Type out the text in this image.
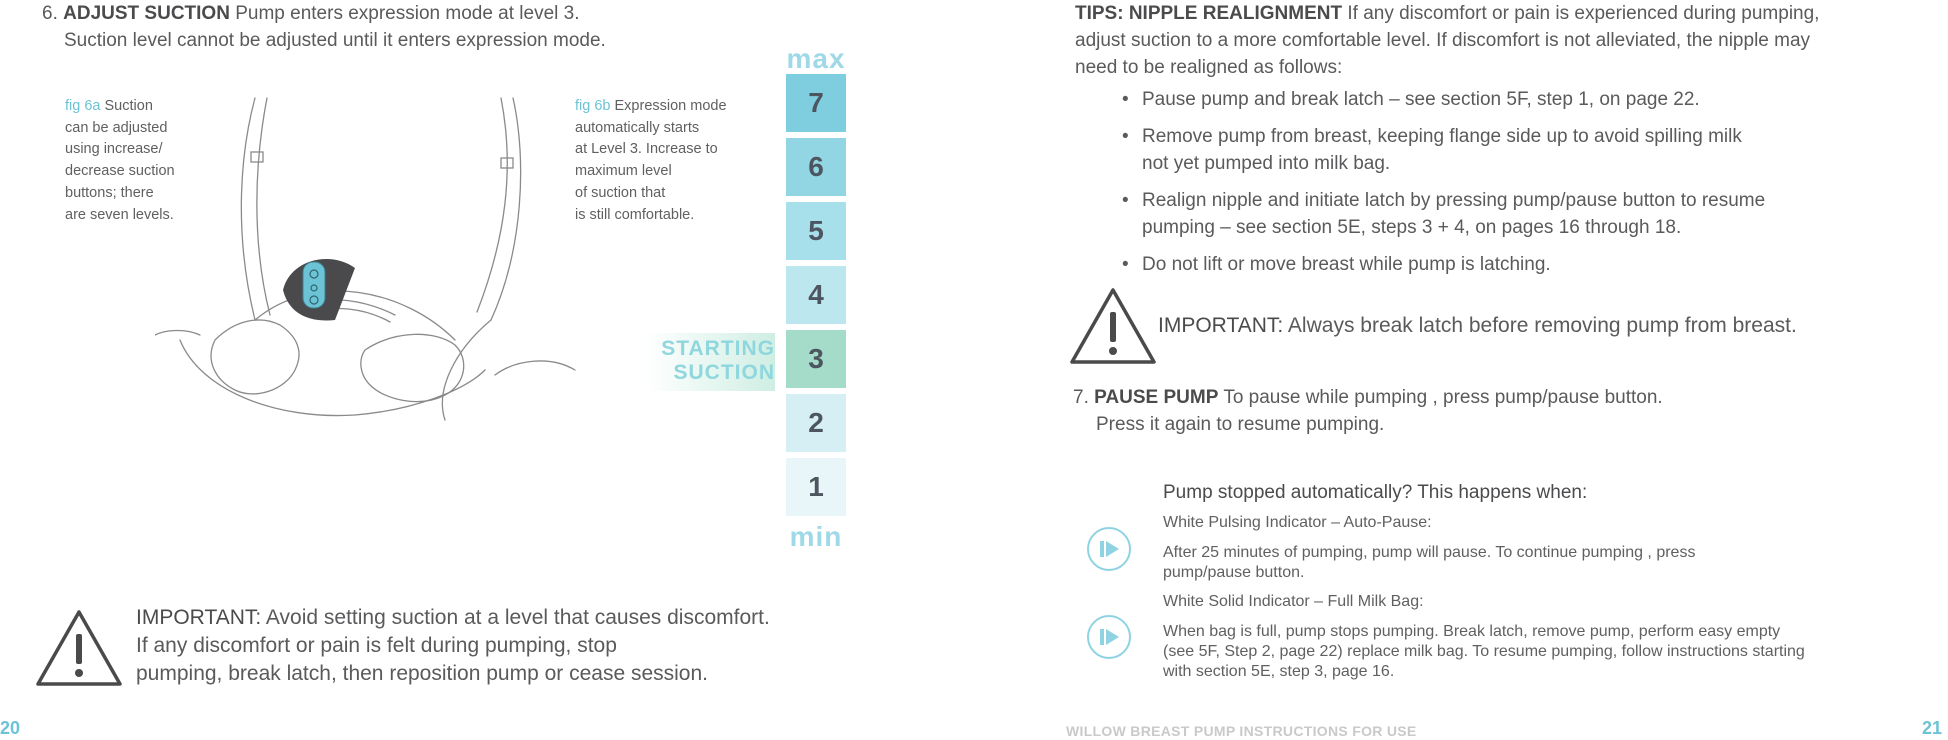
6. ADJUST SUCTION Pump enters expression mode at level 3.
Suction level cannot be adjusted until it enters expression mode.
fig 6a Suction
can be adjusted
using increase/
decrease suction
buttons; there
are seven levels.
fig 6b Expression mode
automatically starts
at Level 3. Increase to
maximum level
of suction that
is still comfortable.
max
7
6
5
4
3
2
1
min
STARTING
SUCTION
IMPORTANT: Avoid setting suction at a level that causes discomfort.
If any discomfort or pain is felt during pumping, stop
pumping, break latch, then reposition pump or cease session.
20
TIPS: NIPPLE REALIGNMENT If any discomfort or pain is experienced during pumping,
adjust suction to a more comfortable level. If discomfort is not alleviated, the nipple may
need to be realigned as follows:
• Pause pump and break latch – see section 5F, step 1, on page 22.
• Remove pump from breast, keeping flange side up to avoid spilling milk
not yet pumped into milk bag.
• Realign nipple and initiate latch by pressing pump/pause button to resume
pumping – see section 5E, steps 3 + 4, on pages 16 through 18.
• Do not lift or move breast while pump is latching.
IMPORTANT: Always break latch before removing pump from breast.
7. PAUSE PUMP To pause while pumping , press pump/pause button.
Press it again to resume pumping.
Pump stopped automatically? This happens when:
White Pulsing Indicator – Auto-Pause:
After 25 minutes of pumping, pump will pause. To continue pumping , press
pump/pause button.
White Solid Indicator – Full Milk Bag:
When bag is full, pump stops pumping. Break latch, remove pump, perform easy empty
(see 5F, Step 2, page 22) replace milk bag. To resume pumping, follow instructions starting
with section 5E, step 3, page 16.
WILLOW BREAST PUMP INSTRUCTIONS FOR USE	21
